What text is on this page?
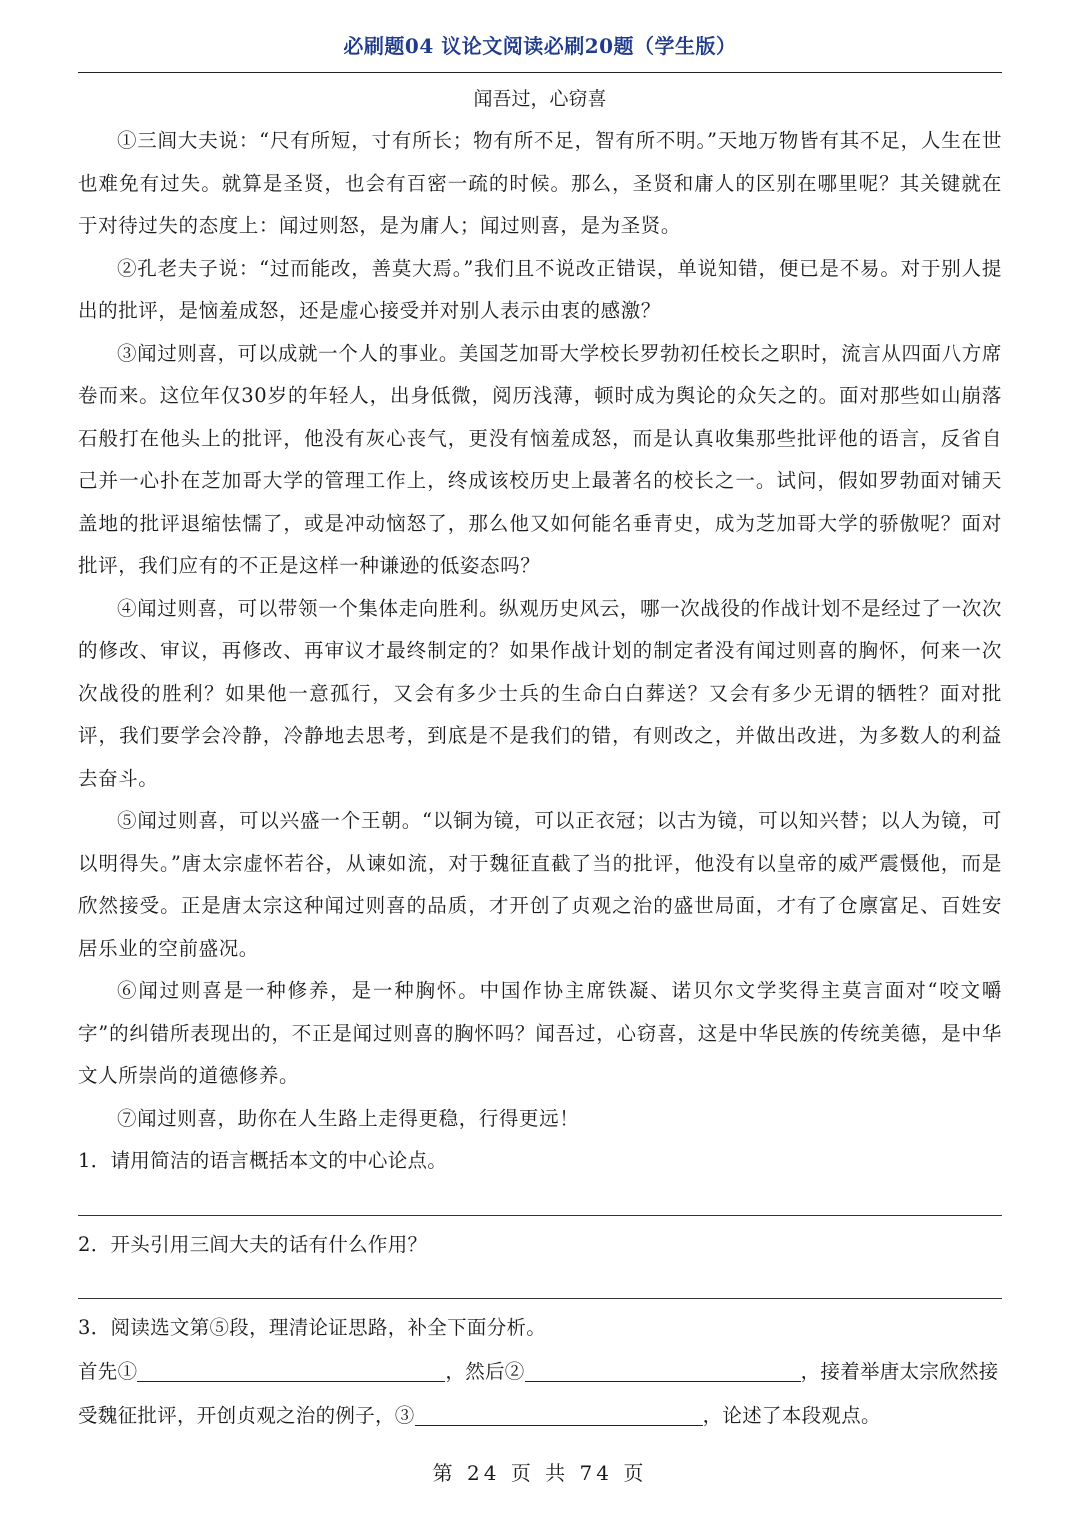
必刷题04 议论文阅读必刷20题（学生版）
闻吾过，心窃喜

①三闾大夫说：“尺有所短，寸有所长；物有所不足，智有所不明。”天地万物皆有其不足，人生在世也难免有过失。就算是圣贤，也会有百密一疏的时候。那么，圣贤和庸人的区别在哪里呢？其关键就在于对待过失的态度上：闻过则怒，是为庸人；闻过则喜，是为圣贤。

②孔老夫子说：“过而能改，善莫大焉。”我们且不说改正错误，单说知错，便已是不易。对于别人提出的批评，是恼羞成怒，还是虚心接受并对别人表示由衷的感激？

③闻过则喜，可以成就一个人的事业。美国芝加哥大学校长罗勃初任校长之职时，流言从四面八方席卷而来。这位年仅30岁的年轻人，出身低微，阅历浅薄，顿时成为舆论的众矢之的。面对那些如山崩落石般打在他头上的批评，他没有灰心丧气，更没有恼羞成怒，而是认真收集那些批评他的语言，反省自己并一心扑在芝加哥大学的管理工作上，终成该校历史上最著名的校长之一。试问，假如罗勃面对铺天盖地的批评退缩怯懦了，或是冲动恼怒了，那么他又如何能名垂青史，成为芝加哥大学的骄傲呢？面对批评，我们应有的不正是这样一种谦逊的低姿态吗？

④闻过则喜，可以带领一个集体走向胜利。纵观历史风云，哪一次战役的作战计划不是经过了一次次的修改、审议，再修改、再审议才最终制定的？如果作战计划的制定者没有闻过则喜的胸怀，何来一次次战役的胜利？如果他一意孤行，又会有多少士兵的生命白白葬送？又会有多少无谓的牺牲？面对批评，我们要学会冷静，冷静地去思考，到底是不是我们的错，有则改之，并做出改进，为多数人的利益去奋斗。

⑤闻过则喜，可以兴盛一个王朝。“以铜为镜，可以正衣冠；以古为镜，可以知兴替；以人为镜，可以明得失。”唐太宗虚怀若谷，从谏如流，对于魏征直截了当的批评，他没有以皇帝的威严震慑他，而是欣然接受。正是唐太宗这种闻过则喜的品质，才开创了贞观之治的盛世局面，才有了仓廪富足、百姓安居乐业的空前盛况。

⑥闻过则喜是一种修养，是一种胸怀。中国作协主席铁凝、诺贝尔文学奖得主莫言面对“咬文嚼字”的纠错所表现出的，不正是闻过则喜的胸怀吗？闻吾过，心窃喜，这是中华民族的传统美德，是中华文人所崇尚的道德修养。

⑦闻过则喜，助你在人生路上走得更稳，行得更远！

1．请用简洁的语言概括本文的中心论点。

2．开头引用三闾大夫的话有什么作用？

3．阅读选文第⑤段，理清论证思路，补全下面分析。

首先①	，然后②	，接着举唐太宗欣然接受魏征批评，开创贞观之治的例子，③	，论述了本段观点。

第 24 页 共 74 页
